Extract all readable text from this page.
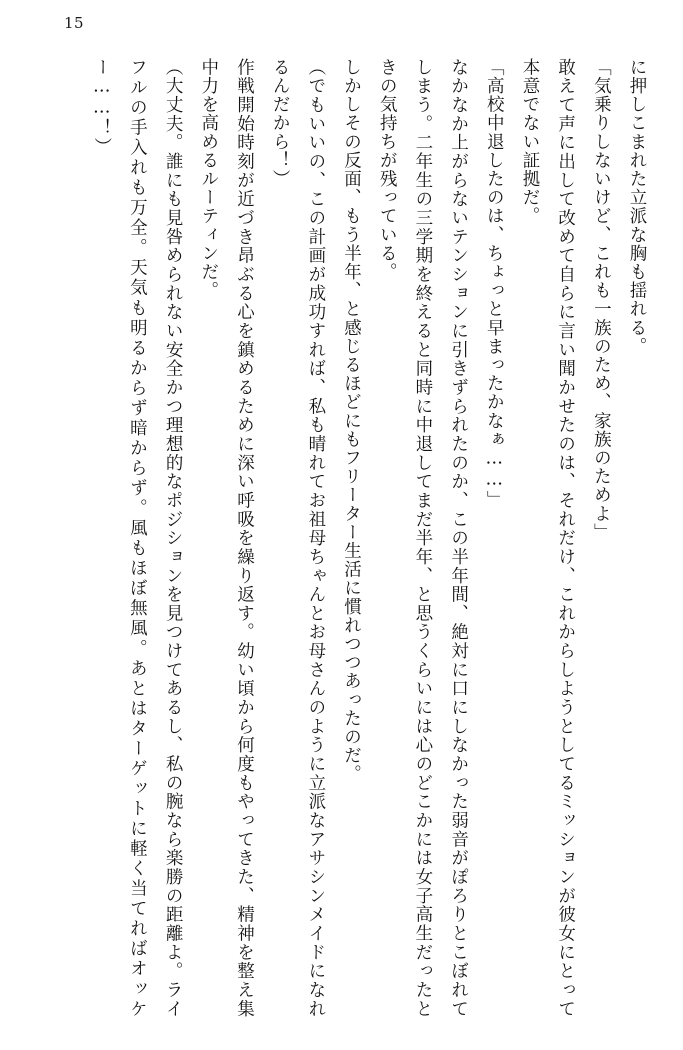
15

に押しこまれた立派な胸も揺れる。

「気乗りしないけど、これも一族のため、家族のためよ」

敢えて声に出して改めて自らに言い聞かせたのは、それだけ、これからしようとしてるミッションが彼女にとって本意でない証拠だ。

「高校中退したのは、ちょっと早まったかなぁ……」

なかなか上がらないテンションに引きずられたのか、この半年間、絶対に口にしなかった弱音がぽろりとこぼれてしまう。二年生の三学期を終えると同時に中退してまだ半年、と思うくらいには心のどこかには女子高生だったときの気持ちが残っている。

しかしその反面、もう半年、と感じるほどにもフリーター生活に慣れつつあったのだ。

（でもいいの、この計画が成功すれば、私も晴れてお祖母ちゃんとお母さんのように立派なアサシンメイドになれるんだから！）

作戦開始時刻が近づき昂ぶる心を鎮めるために深い呼吸を繰り返す。幼い頃から何度もやってきた、精神を整え集中力を高めるルーティンだ。

（大丈夫。誰にも見咎められない安全かつ理想的なポジションを見つけてあるし、私の腕なら楽勝の距離よ。ライフルの手入れも万全。天気も明るからず暗からず。風もほぼ無風。あとはターゲットに軽く当てればオッケー……！）
